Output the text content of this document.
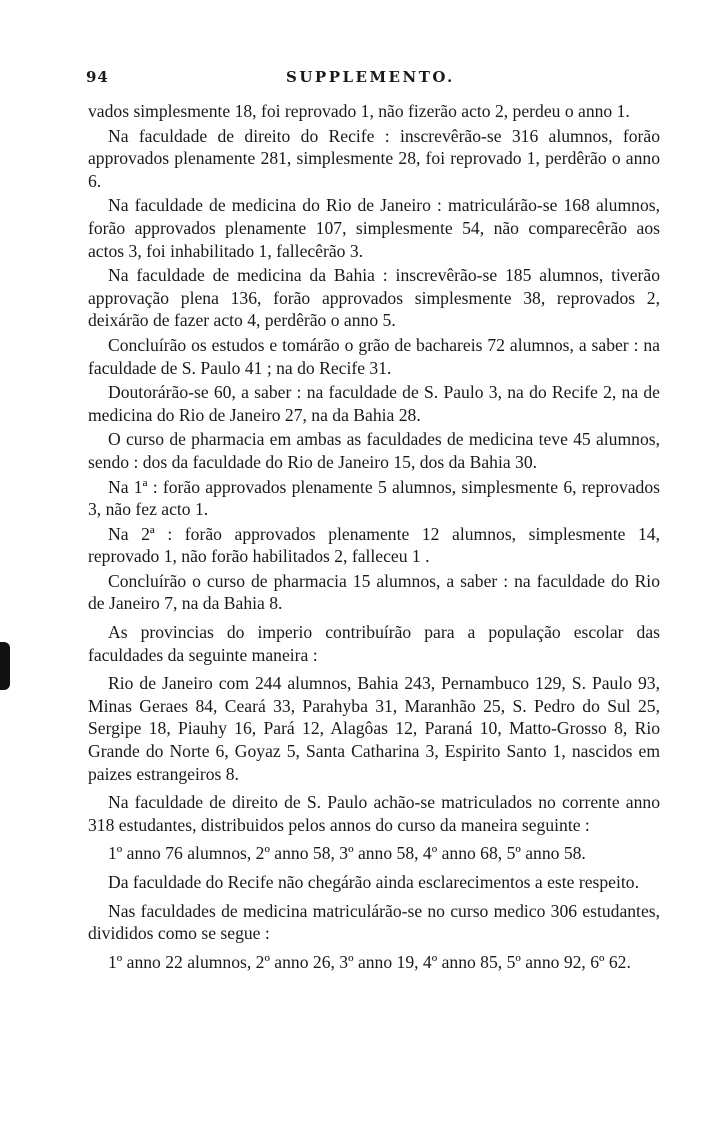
94	SUPPLEMENTO.

vados simplesmente 18, foi reprovado 1, não fizerão acto 2, perdeu o anno 1.

Na faculdade de direito do Recife : inscrevêrão-se 316 alumnos, forão approvados plenamente 281, simplesmente 28, foi reprovado 1, perdêrão o anno 6.

Na faculdade de medicina do Rio de Janeiro : matriculárão-se 168 alumnos, forão approvados plenamente 107, simplesmente 54, não comparecêrão aos actos 3, foi inhabilitado 1, fallecêrão 3.

Na faculdade de medicina da Bahia : inscrevêrão-se 185 alumnos, tiverão approvação plena 136, forão approvados simplesmente 38, reprovados 2, deixárão de fazer acto 4, perdêrão o anno 5.

Concluírão os estudos e tomárão o grão de bachareis 72 alumnos, a saber : na faculdade de S. Paulo 41 ; na do Recife 31.

Doutorárão-se 60, a saber : na faculdade de S. Paulo 3, na do Recife 2, na de medicina do Rio de Janeiro 27, na da Bahia 28.

O curso de pharmacia em ambas as faculdades de medicina teve 45 alumnos, sendo : dos da faculdade do Rio de Janeiro 15, dos da Bahia 30.

Na 1ª : forão approvados plenamente 5 alumnos, simplesmente 6, reprovados 3, não fez acto 1.

Na 2ª : forão approvados plenamente 12 alumnos, simplesmente 14, reprovado 1, não forão habilitados 2, falleceu 1 .

Concluírão o curso de pharmacia 15 alumnos, a saber : na faculdade do Rio de Janeiro 7, na da Bahia 8.

As provincias do imperio contribuírão para a população escolar das faculdades da seguinte maneira :

Rio de Janeiro com 244 alumnos, Bahia 243, Pernambuco 129, S. Paulo 93, Minas Geraes 84, Ceará 33, Parahyba 31, Maranhão 25, S. Pedro do Sul 25, Sergipe 18, Piauhy 16, Pará 12, Alagôas 12, Paraná 10, Matto-Grosso 8, Rio Grande do Norte 6, Goyaz 5, Santa Catharina 3, Espirito Santo 1, nascidos em paizes estrangeiros 8.

Na faculdade de direito de S. Paulo achão-se matriculados no corrente anno 318 estudantes, distribuidos pelos annos do curso da maneira seguinte :

1º anno 76 alumnos, 2º anno 58, 3º anno 58, 4º anno 68, 5º anno 58.

Da faculdade do Recife não chegárão ainda esclarecimentos a este respeito.

Nas faculdades de medicina matriculárão-se no curso medico 306 estudantes, divididos como se segue :

1º anno 22 alumnos, 2º anno 26, 3º anno 19, 4º anno 85, 5º anno 92, 6º 62.
